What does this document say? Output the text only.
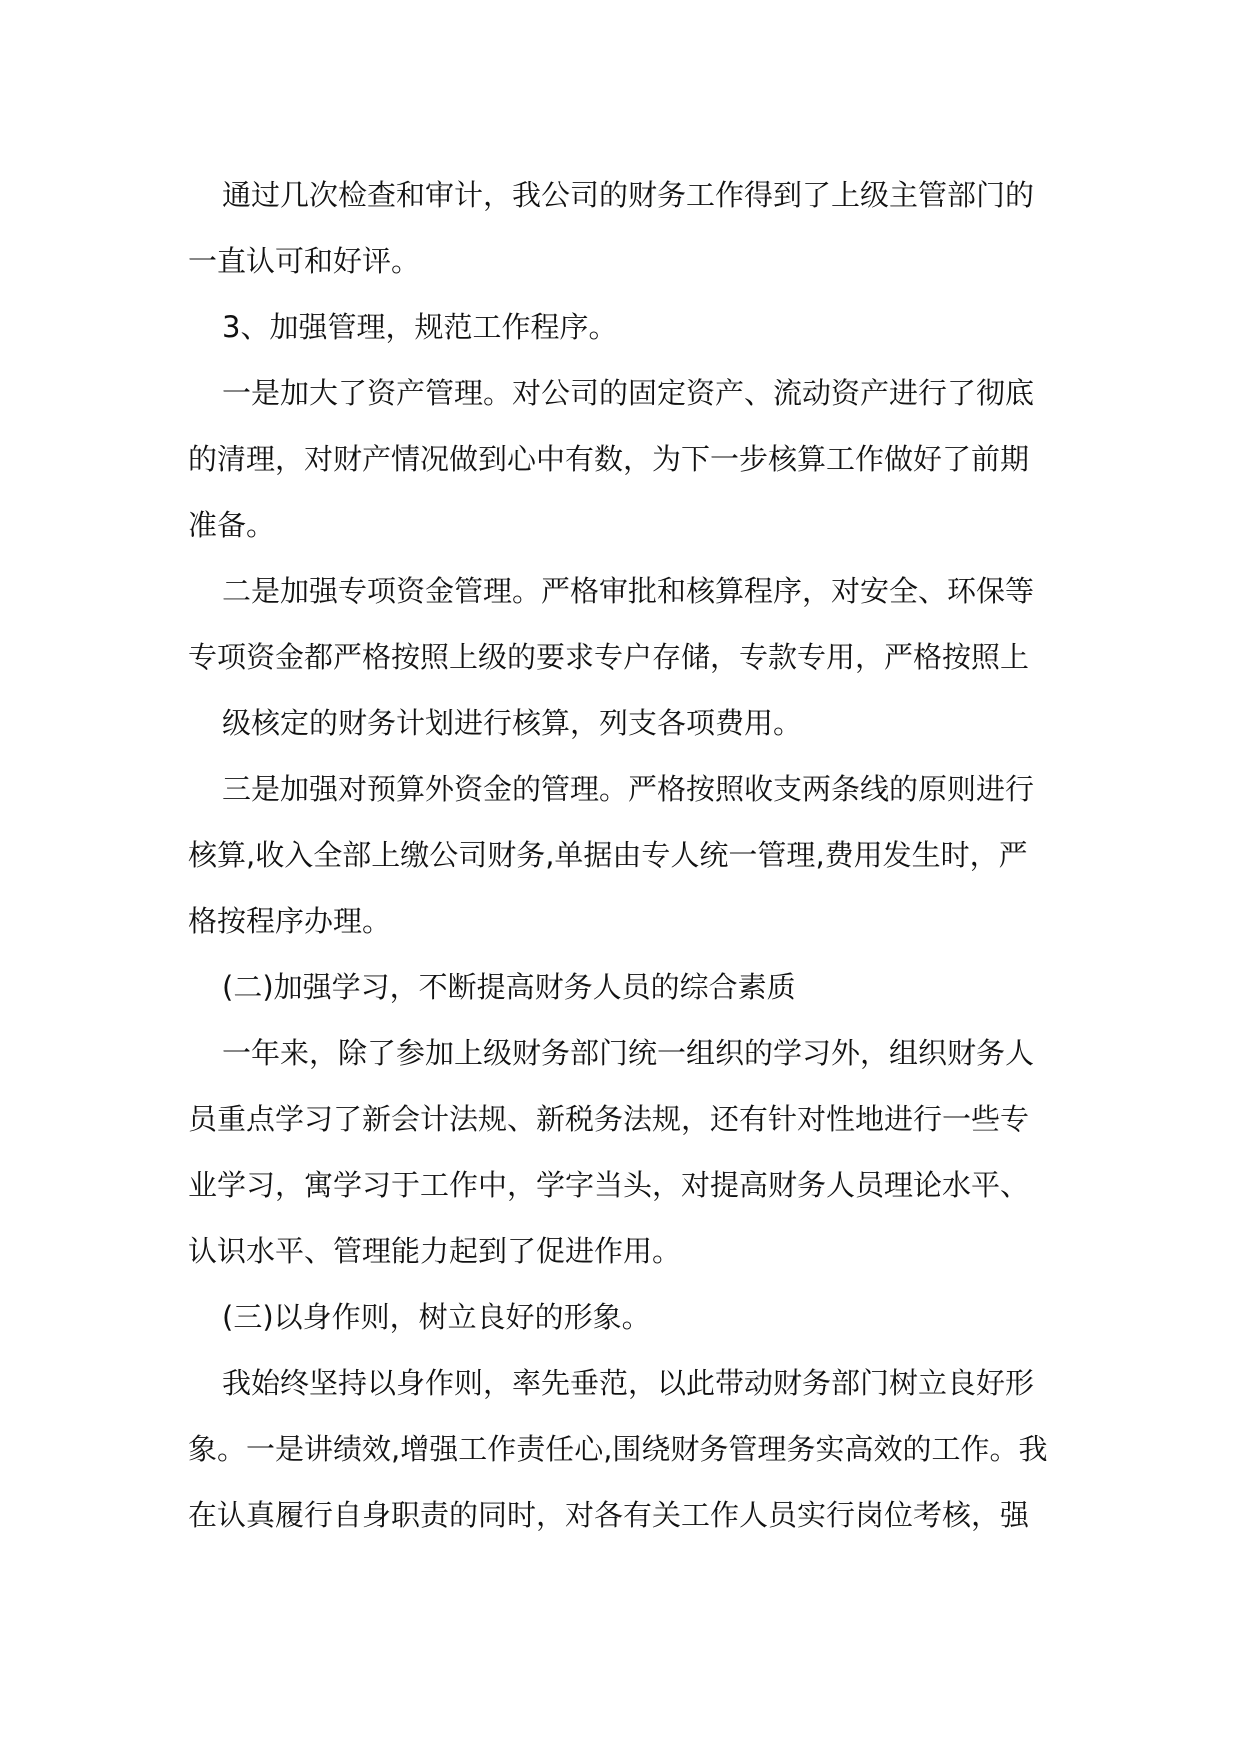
通过几次检查和审计，我公司的财务工作得到了上级主管部门的
一直认可和好评。
3、加强管理，规范工作程序。
一是加大了资产管理。对公司的固定资产、流动资产进行了彻底
的清理，对财产情况做到心中有数，为下一步核算工作做好了前期
准备。
二是加强专项资金管理。严格审批和核算程序，对安全、环保等
专项资金都严格按照上级的要求专户存储，专款专用，严格按照上
级核定的财务计划进行核算，列支各项费用。
三是加强对预算外资金的管理。严格按照收支两条线的原则进行
核算,收入全部上缴公司财务,单据由专人统一管理,费用发生时，严
格按程序办理。
(二)加强学习，不断提高财务人员的综合素质
一年来，除了参加上级财务部门统一组织的学习外，组织财务人
员重点学习了新会计法规、新税务法规，还有针对性地进行一些专
业学习，寓学习于工作中，学字当头，对提高财务人员理论水平、
认识水平、管理能力起到了促进作用。
(三)以身作则，树立良好的形象。
我始终坚持以身作则，率先垂范，以此带动财务部门树立良好形
象。一是讲绩效,增强工作责任心,围绕财务管理务实高效的工作。我
在认真履行自身职责的同时，对各有关工作人员实行岗位考核，强
